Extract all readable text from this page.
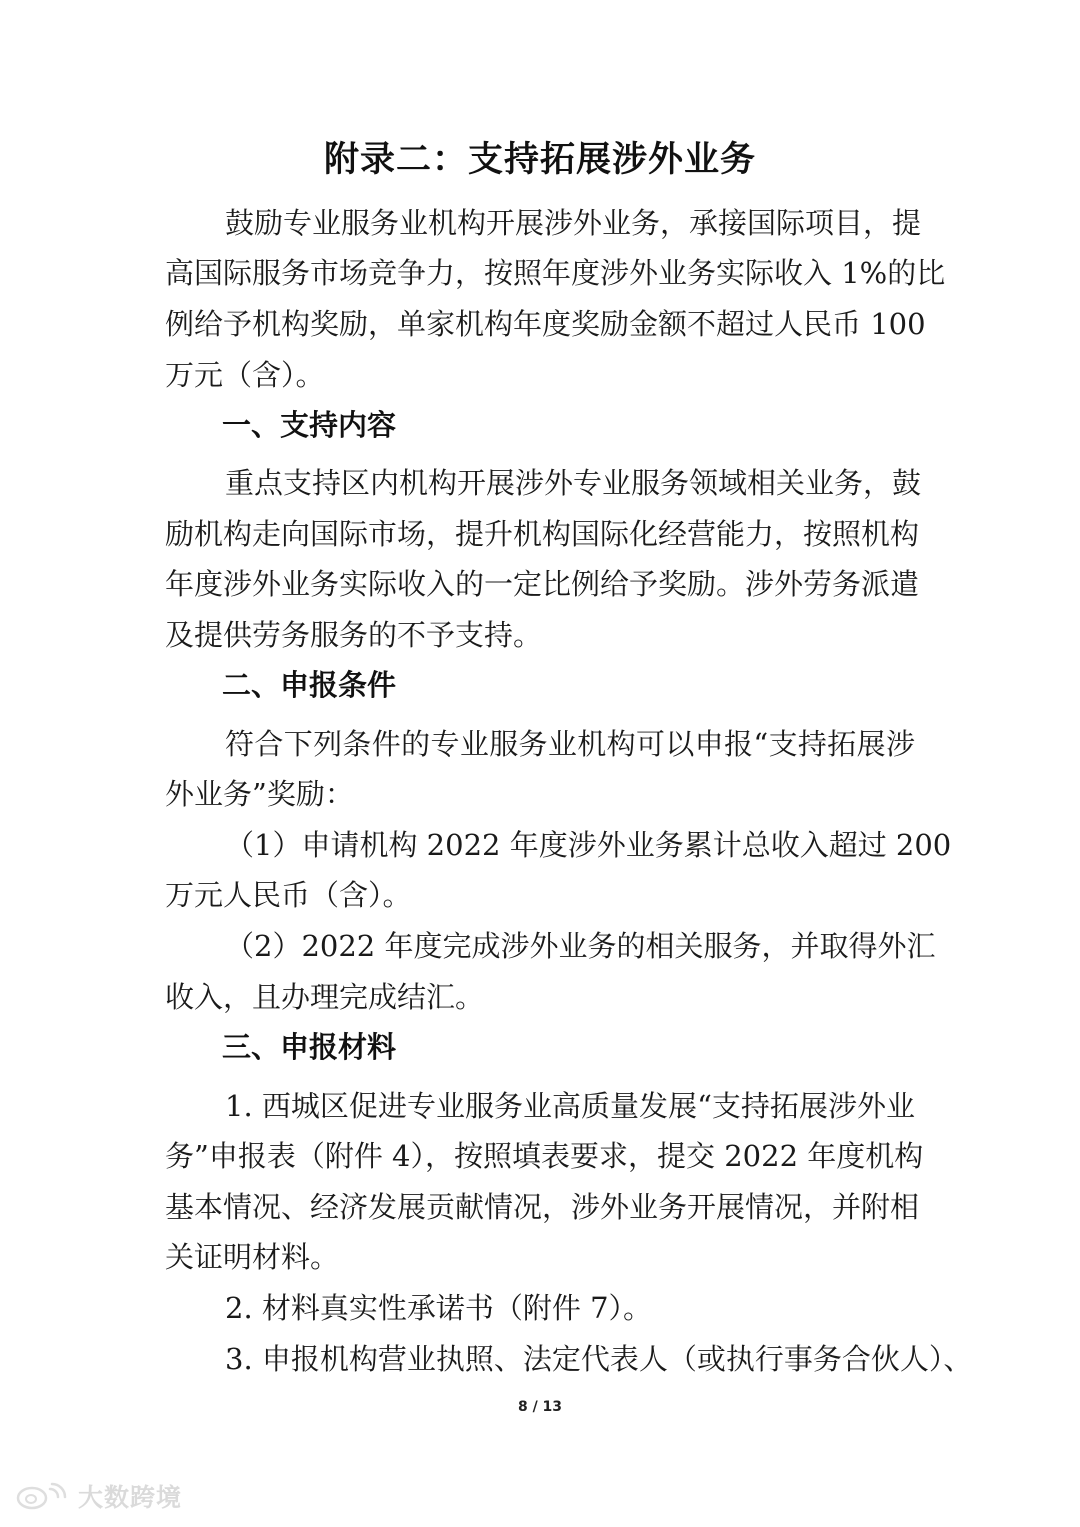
附录二：支持拓展涉外业务
鼓励专业服务业机构开展涉外业务，承接国际项目，提
高国际服务市场竞争力，按照年度涉外业务实际收入 1%的比
例给予机构奖励，单家机构年度奖励金额不超过人民币 100
万元（含）。
一、支持内容
重点支持区内机构开展涉外专业服务领域相关业务，鼓
励机构走向国际市场，提升机构国际化经营能力，按照机构
年度涉外业务实际收入的一定比例给予奖励。涉外劳务派遣
及提供劳务服务的不予支持。
二、申报条件
符合下列条件的专业服务业机构可以申报“支持拓展涉
外业务”奖励：
（1）申请机构 2022 年度涉外业务累计总收入超过 200
万元人民币（含）。
（2）2022 年度完成涉外业务的相关服务，并取得外汇
收入，且办理完成结汇。
三、申报材料
1. 西城区促进专业服务业高质量发展“支持拓展涉外业
务”申报表（附件 4），按照填表要求，提交 2022 年度机构
基本情况、经济发展贡献情况，涉外业务开展情况，并附相
关证明材料。
2. 材料真实性承诺书（附件 7）。
3. 申报机构营业执照、法定代表人（或执行事务合伙人）、
8 / 13
大数跨境
